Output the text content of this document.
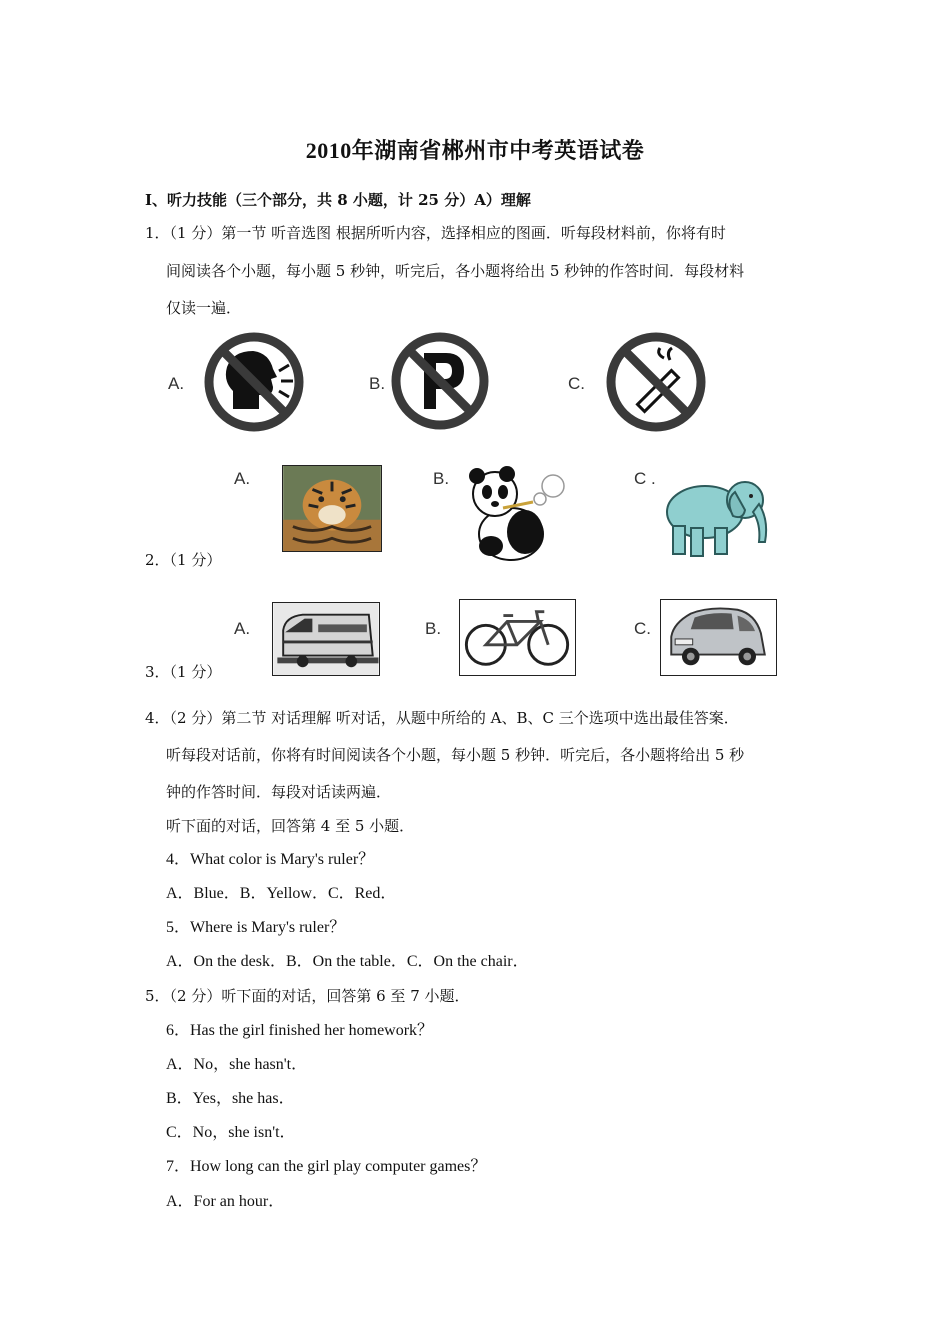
2010年湖南省郴州市中考英语试卷
I、听力技能（三个部分，共 8 小题，计 25 分）A）理解
1．（1 分）第一节 听音选图 根据所听内容，选择相应的图画．听每段材料前，你将有时
间阅读各个小题，每小题 5 秒钟，听完后，各小题将给出 5 秒钟的作答时间．每段材料
仅读一遍．
A.	B.	C.
A.	B.	C .
2．（1 分）
A.	B.	C.
3．（1 分）
4．（2 分）第二节 对话理解 听对话，从题中所给的 A、B、C 三个选项中选出最佳答案．
听每段对话前，你将有时间阅读各个小题，每小题 5 秒钟．听完后，各小题将给出 5 秒
钟的作答时间．每段对话读两遍．
听下面的对话，回答第 4 至 5 小题．
4．What color is Mary's ruler？
A．Blue．B．Yellow．C．Red．
5．Where is Mary's ruler？
A．On the desk．B．On the table．C．On the chair．
5．（2 分）听下面的对话，回答第 6 至 7 小题．
6．Has the girl finished her homework？
A．No，she hasn't．
B．Yes，she has．
C．No，she isn't．
7．How long can the girl play computer games？
A．For an hour．
